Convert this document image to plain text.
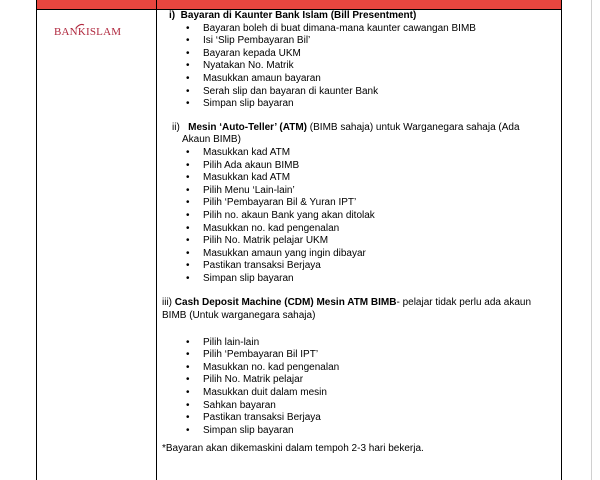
BANKISLAM
i) Bayaran di Kaunter Bank Islam (Bill Presentment)
• Bayaran boleh di buat dimana-mana kaunter cawangan BIMB
• Isi ‘Slip Pembayaran Bil’
• Bayaran kepada UKM
• Nyatakan No. Matrik
• Masukkan amaun bayaran
• Serah slip dan bayaran di kaunter Bank
• Simpan slip bayaran
ii) Mesin ‘Auto-Teller’ (ATM) (BIMB sahaja) untuk Warganegara sahaja (Ada
Akaun BIMB)
• Masukkan kad ATM
• Pilih Ada akaun BIMB
• Masukkan kad ATM
• Pilih Menu ‘Lain-lain’
• Pilih ‘Pembayaran Bil & Yuran IPT’
• Pilih no. akaun Bank yang akan ditolak
• Masukkan no. kad pengenalan
• Pilih No. Matrik pelajar UKM
• Masukkan amaun yang ingin dibayar
• Pastikan transaksi Berjaya
• Simpan slip bayaran
iii) Cash Deposit Machine (CDM) Mesin ATM BIMB- pelajar tidak perlu ada akaun
BIMB (Untuk warganegara sahaja)
• Pilih lain-lain
• Pilih ‘Pembayaran Bil IPT’
• Masukkan no. kad pengenalan
• Pilih No. Matrik pelajar
• Masukkan duit dalam mesin
• Sahkan bayaran
• Pastikan transaksi Berjaya
• Simpan slip bayaran
*Bayaran akan dikemaskini dalam tempoh 2-3 hari bekerja.
